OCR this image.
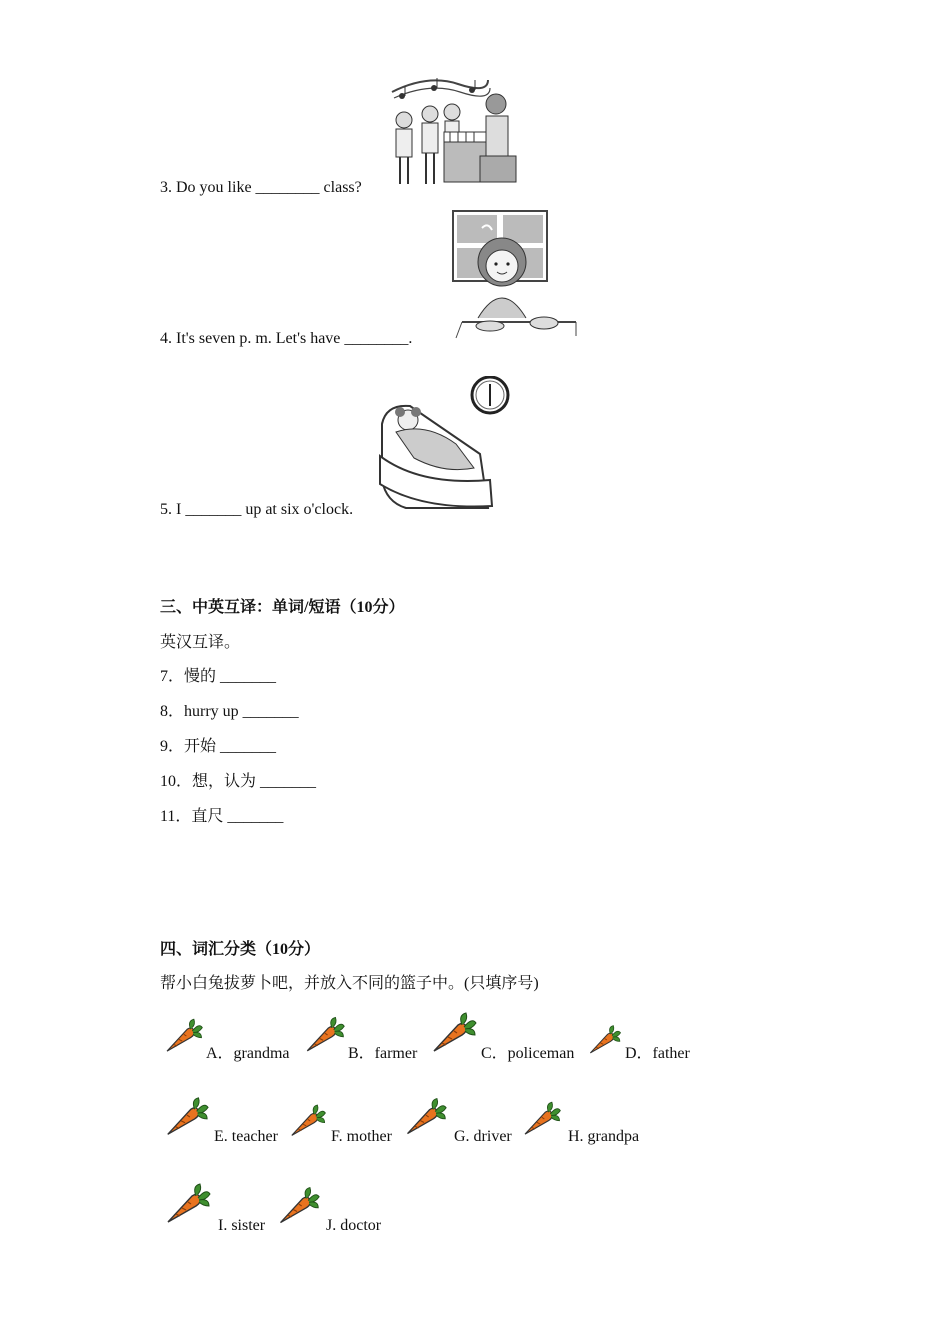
3. Do you like ________ class?
4. It's seven p. m. Let's have ________.
5. I _______ up at six o'clock.
三、中英互译：单词/短语（10分）
英汉互译。
7．慢的 _______
8．hurry up _______
9．开始 _______
10．想，认为 _______
11．直尺 _______
四、词汇分类（10分）
帮小白兔拔萝卜吧，并放入不同的篮子中。(只填序号)
A．grandma	B．farmer	C．policeman	D．father
E. teacher	F. mother	G. driver	H. grandpa
I. sister	J. doctor
